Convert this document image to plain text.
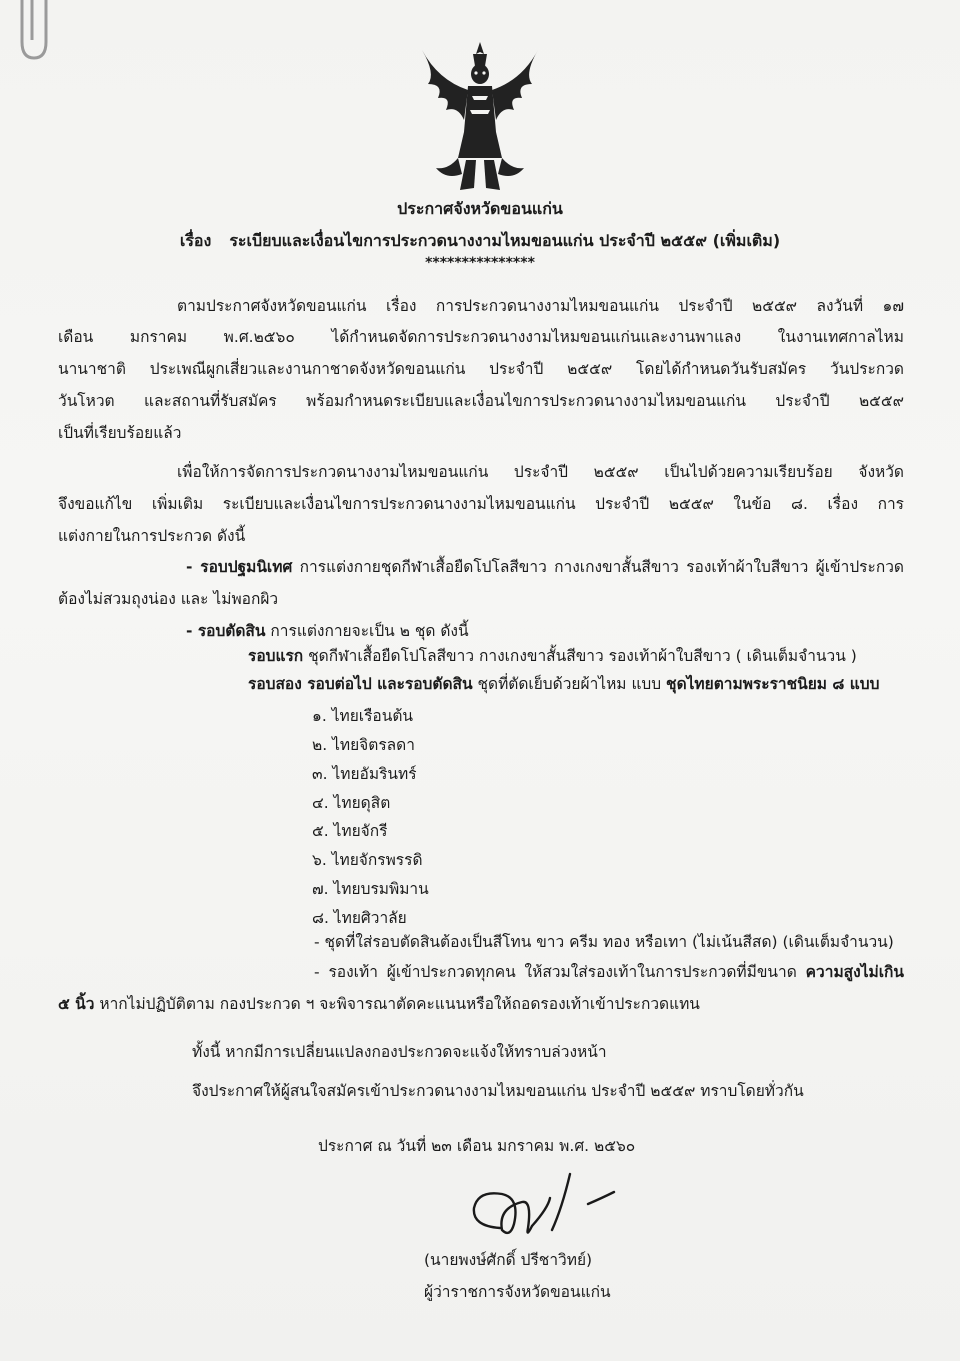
ประกาศจังหวัดขอนแก่น
เรื่อง ระเบียบและเงื่อนไขการประกวดนางงามไหมขอนแก่น ประจำปี ๒๕๕๙ (เพิ่มเติม)
***************
ตามประกาศจังหวัดขอนแก่น เรื่อง การประกวดนางงามไหมขอนแก่น ประจำปี ๒๕๕๙ ลงวันที่ ๑๗
เดือน มกราคม พ.ศ.๒๕๖๐ ได้กำหนดจัดการประกวดนางงามไหมขอนแก่นและงานพาแลง ในงานเทศกาลไหม
นานาชาติ ประเพณีผูกเสี่ยวและงานกาชาดจังหวัดขอนแก่น ประจำปี ๒๕๕๙ โดยได้กำหนดวันรับสมัคร วันประกวด
วันโหวต และสถานที่รับสมัคร พร้อมกำหนดระเบียบและเงื่อนไขการประกวดนางงามไหมขอนแก่น ประจำปี ๒๕๕๙
เป็นที่เรียบร้อยแล้ว
เพื่อให้การจัดการประกวดนางงามไหมขอนแก่น ประจำปี ๒๕๕๙ เป็นไปด้วยความเรียบร้อย จังหวัด
จึงขอแก้ไข เพิ่มเติม ระเบียบและเงื่อนไขการประกวดนางงามไหมขอนแก่น ประจำปี ๒๕๕๙ ในข้อ ๘. เรื่อง การ
แต่งกายในการประกวด ดังนี้
- รอบปฐมนิเทศ การแต่งกายชุดกีฬาเสื้อยืดโปโลสีขาว กางเกงขาสั้นสีขาว รองเท้าผ้าใบสีขาว ผู้เข้าประกวด
ต้องไม่สวมถุงน่อง และ ไม่พอกผิว
- รอบตัดสิน การแต่งกายจะเป็น ๒ ชุด ดังนี้
รอบแรก ชุดกีฬาเสื้อยืดโปโลสีขาว กางเกงขาสั้นสีขาว รองเท้าผ้าใบสีขาว ( เดินเต็มจำนวน )
รอบสอง รอบต่อไป และรอบตัดสิน ชุดที่ตัดเย็บด้วยผ้าไหม แบบ ชุดไทยตามพระราชนิยม ๘ แบบ
๑. ไทยเรือนต้น
๒. ไทยจิตรลดา
๓. ไทยอัมรินทร์
๔. ไทยดุสิต
๕. ไทยจักรี
๖. ไทยจักรพรรดิ
๗. ไทยบรมพิมาน
๘. ไทยศิวาลัย
- ชุดที่ใส่รอบตัดสินต้องเป็นสีโทน ขาว ครีม ทอง หรือเทา (ไม่เน้นสีสด) (เดินเต็มจำนวน)
- รองเท้า ผู้เข้าประกวดทุกคน ให้สวมใส่รองเท้าในการประกวดที่มีขนาด ความสูงไม่เกิน
๕ นิ้ว หากไม่ปฏิบัติตาม กองประกวด ฯ จะพิจารณาตัดคะแนนหรือให้ถอดรองเท้าเข้าประกวดแทน
ทั้งนี้ หากมีการเปลี่ยนแปลงกองประกวดจะแจ้งให้ทราบล่วงหน้า
จึงประกาศให้ผู้สนใจสมัครเข้าประกวดนางงามไหมขอนแก่น ประจำปี ๒๕๕๙ ทราบโดยทั่วกัน
ประกาศ ณ วันที่ ๒๓ เดือน มกราคม พ.ศ. ๒๕๖๐
(นายพงษ์ศักดิ์ ปรีชาวิทย์)
ผู้ว่าราชการจังหวัดขอนแก่น
